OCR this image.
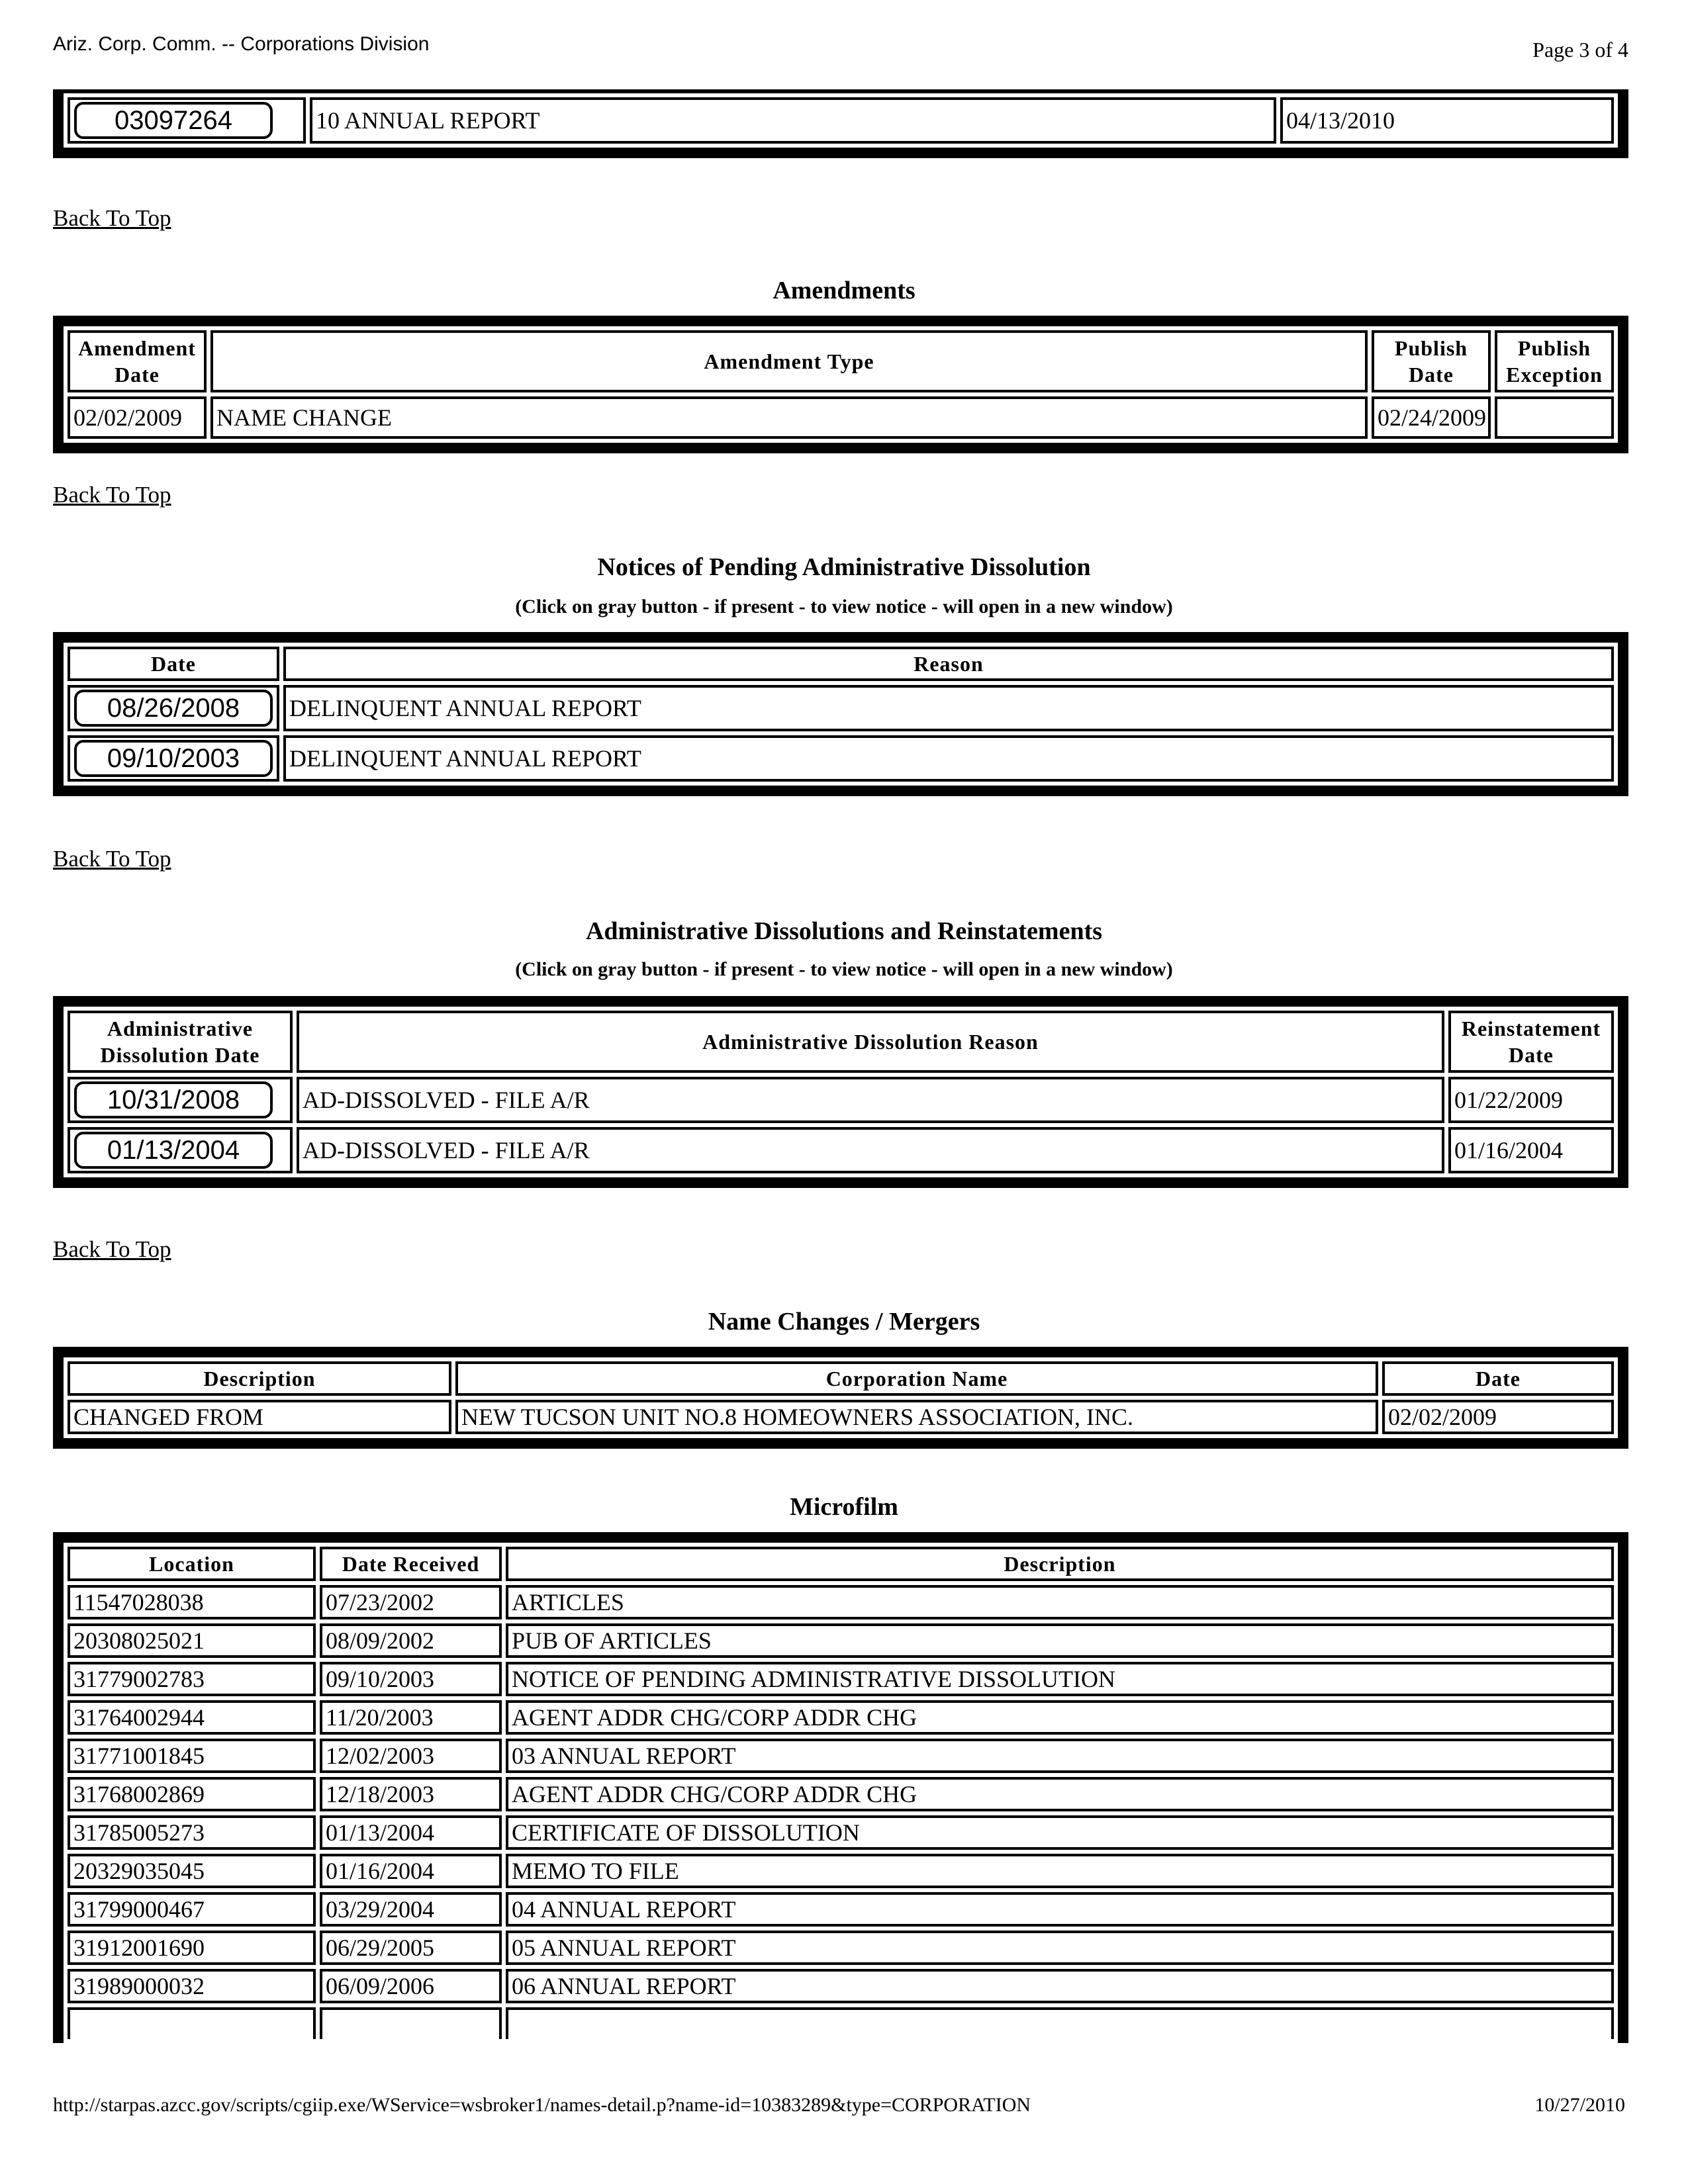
Ariz. Corp. Comm. -- Corporations Division	Page 3 of 4
03097264	10 ANNUAL REPORT	04/13/2010
Back To Top
Amendments
Amendment Date	Amendment Type	Publish Date	Publish Exception
02/02/2009	NAME CHANGE	02/24/2009	
Back To Top
Notices of Pending Administrative Dissolution
(Click on gray button - if present - to view notice - will open in a new window)
Date	Reason
08/26/2008	DELINQUENT ANNUAL REPORT
09/10/2003	DELINQUENT ANNUAL REPORT
Back To Top
Administrative Dissolutions and Reinstatements
(Click on gray button - if present - to view notice - will open in a new window)
Administrative Dissolution Date	Administrative Dissolution Reason	Reinstatement Date
10/31/2008	AD-DISSOLVED - FILE A/R	01/22/2009
01/13/2004	AD-DISSOLVED - FILE A/R	01/16/2004
Back To Top
Name Changes / Mergers
Description	Corporation Name	Date
CHANGED FROM	NEW TUCSON UNIT NO.8 HOMEOWNERS ASSOCIATION, INC.	02/02/2009
Microfilm
Location	Date Received	Description
11547028038	07/23/2002	ARTICLES
20308025021	08/09/2002	PUB OF ARTICLES
31779002783	09/10/2003	NOTICE OF PENDING ADMINISTRATIVE DISSOLUTION
31764002944	11/20/2003	AGENT ADDR CHG/CORP ADDR CHG
31771001845	12/02/2003	03 ANNUAL REPORT
31768002869	12/18/2003	AGENT ADDR CHG/CORP ADDR CHG
31785005273	01/13/2004	CERTIFICATE OF DISSOLUTION
20329035045	01/16/2004	MEMO TO FILE
31799000467	03/29/2004	04 ANNUAL REPORT
31912001690	06/29/2005	05 ANNUAL REPORT
31989000032	06/09/2006	06 ANNUAL REPORT

http://starpas.azcc.gov/scripts/cgiip.exe/WService=wsbroker1/names-detail.p?name-id=10383289&type=CORPORATION	10/27/2010
